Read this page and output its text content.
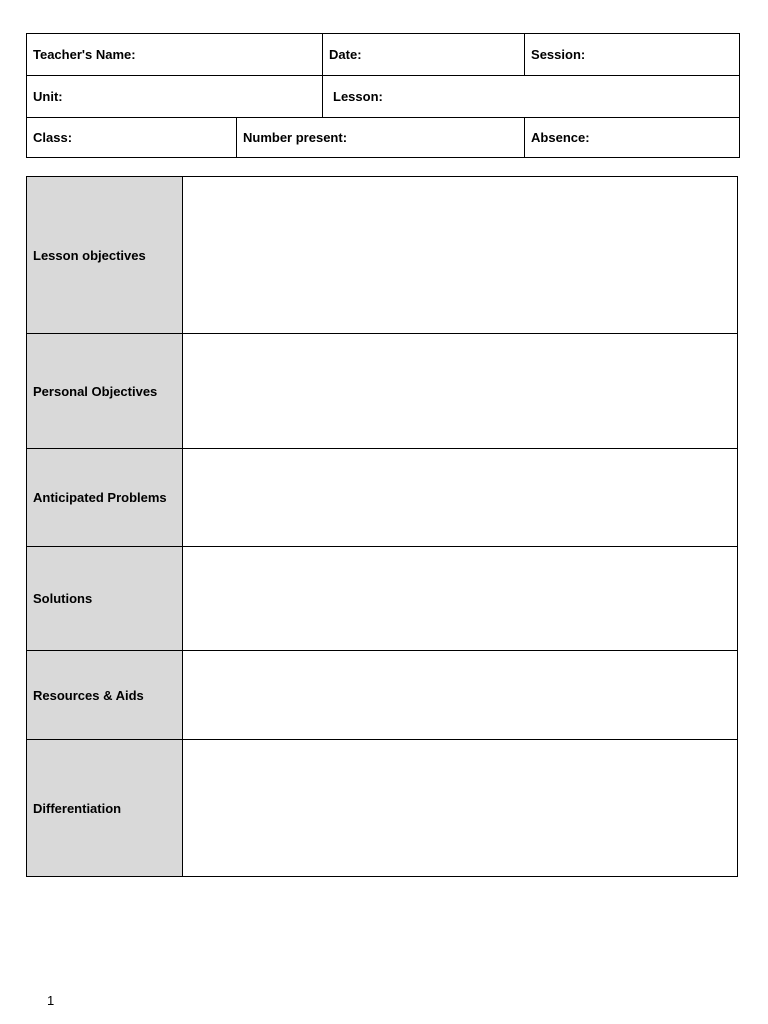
Teacher's Name:		Date:	Session:
Unit:		Lesson:	
Class:	Number present:		Absence:
Lesson objectives	
Personal Objectives	
Anticipated Problems	
Solutions	
Resources & Aids	
Differentiation	
1
